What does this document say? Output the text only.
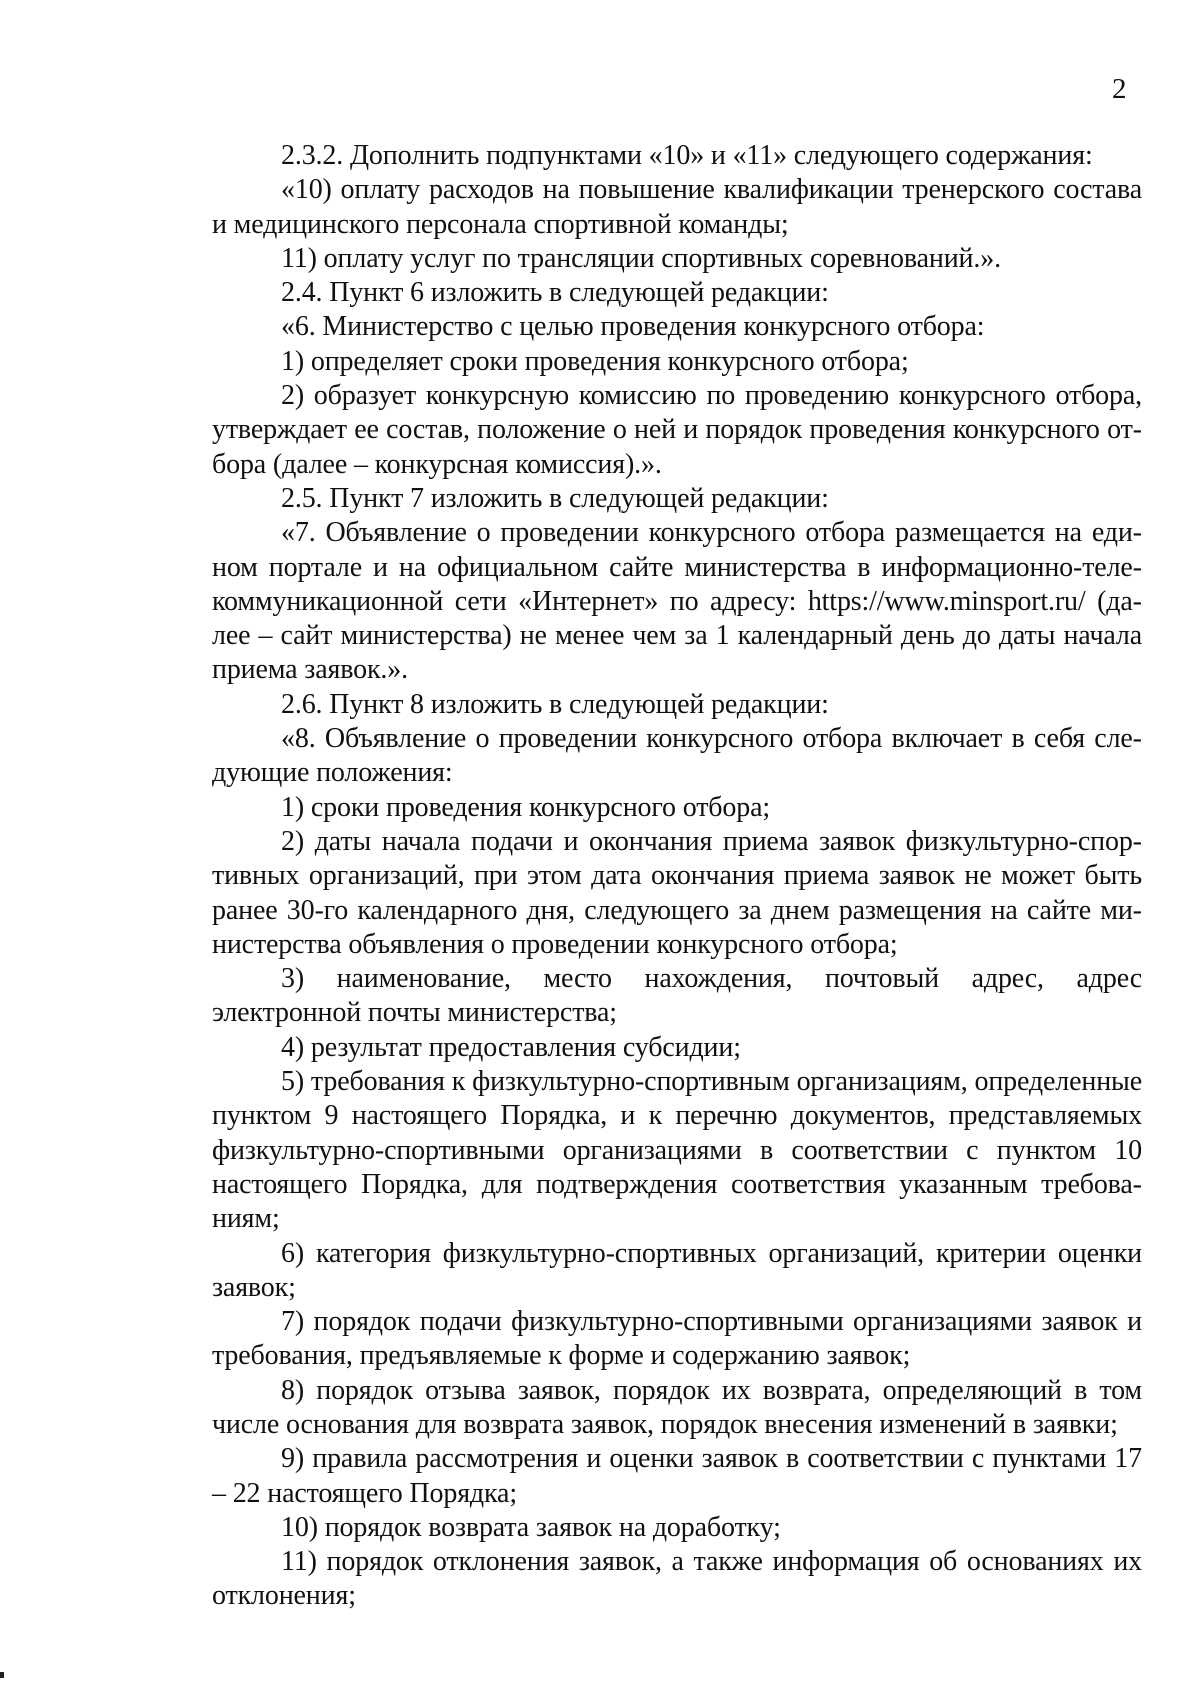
2

2.3.2. Дополнить подпунктами «10» и «11» следующего содержания:

«10) оплату расходов на повышение квалификации тренерского состава и медицинского персонала спортивной команды;

11) оплату услуг по трансляции спортивных соревнований.».

2.4. Пункт 6 изложить в следующей редакции:

«6. Министерство с целью проведения конкурсного отбора:

1) определяет сроки проведения конкурсного отбора;

2) образует конкурсную комиссию по проведению конкурсного отбора, утверждает ее состав, положение о ней и порядок проведения конкурсного отбора (далее – конкурсная комиссия).».

2.5. Пункт 7 изложить в следующей редакции:

«7. Объявление о проведении конкурсного отбора размещается на едином портале и на официальном сайте министерства в информационно-телекоммуникационной сети «Интернет» по адресу: https://www.minsport.ru/ (далее – сайт министерства) не менее чем за 1 календарный день до даты начала приема заявок.».

2.6. Пункт 8 изложить в следующей редакции:

«8. Объявление о проведении конкурсного отбора включает в себя следующие положения:

1) сроки проведения конкурсного отбора;

2) даты начала подачи и окончания приема заявок физкультурно-спортивных организаций, при этом дата окончания приема заявок не может быть ранее 30-го календарного дня, следующего за днем размещения на сайте министерства объявления о проведении конкурсного отбора;

3) наименование, место нахождения, почтовый адрес, адрес электронной почты министерства;

4) результат предоставления субсидии;

5) требования к физкультурно-спортивным организациям, определенные пунктом 9 настоящего Порядка, и к перечню документов, представляемых физкультурно-спортивными организациями в соответствии с пунктом 10 настоящего Порядка, для подтверждения соответствия указанным требованиям;

6) категория физкультурно-спортивных организаций, критерии оценки заявок;

7) порядок подачи физкультурно-спортивными организациями заявок и требования, предъявляемые к форме и содержанию заявок;

8) порядок отзыва заявок, порядок их возврата, определяющий в том числе основания для возврата заявок, порядок внесения изменений в заявки;

9) правила рассмотрения и оценки заявок в соответствии с пунктами 17 – 22 настоящего Порядка;

10) порядок возврата заявок на доработку;

11) порядок отклонения заявок, а также информация об основаниях их отклонения;
